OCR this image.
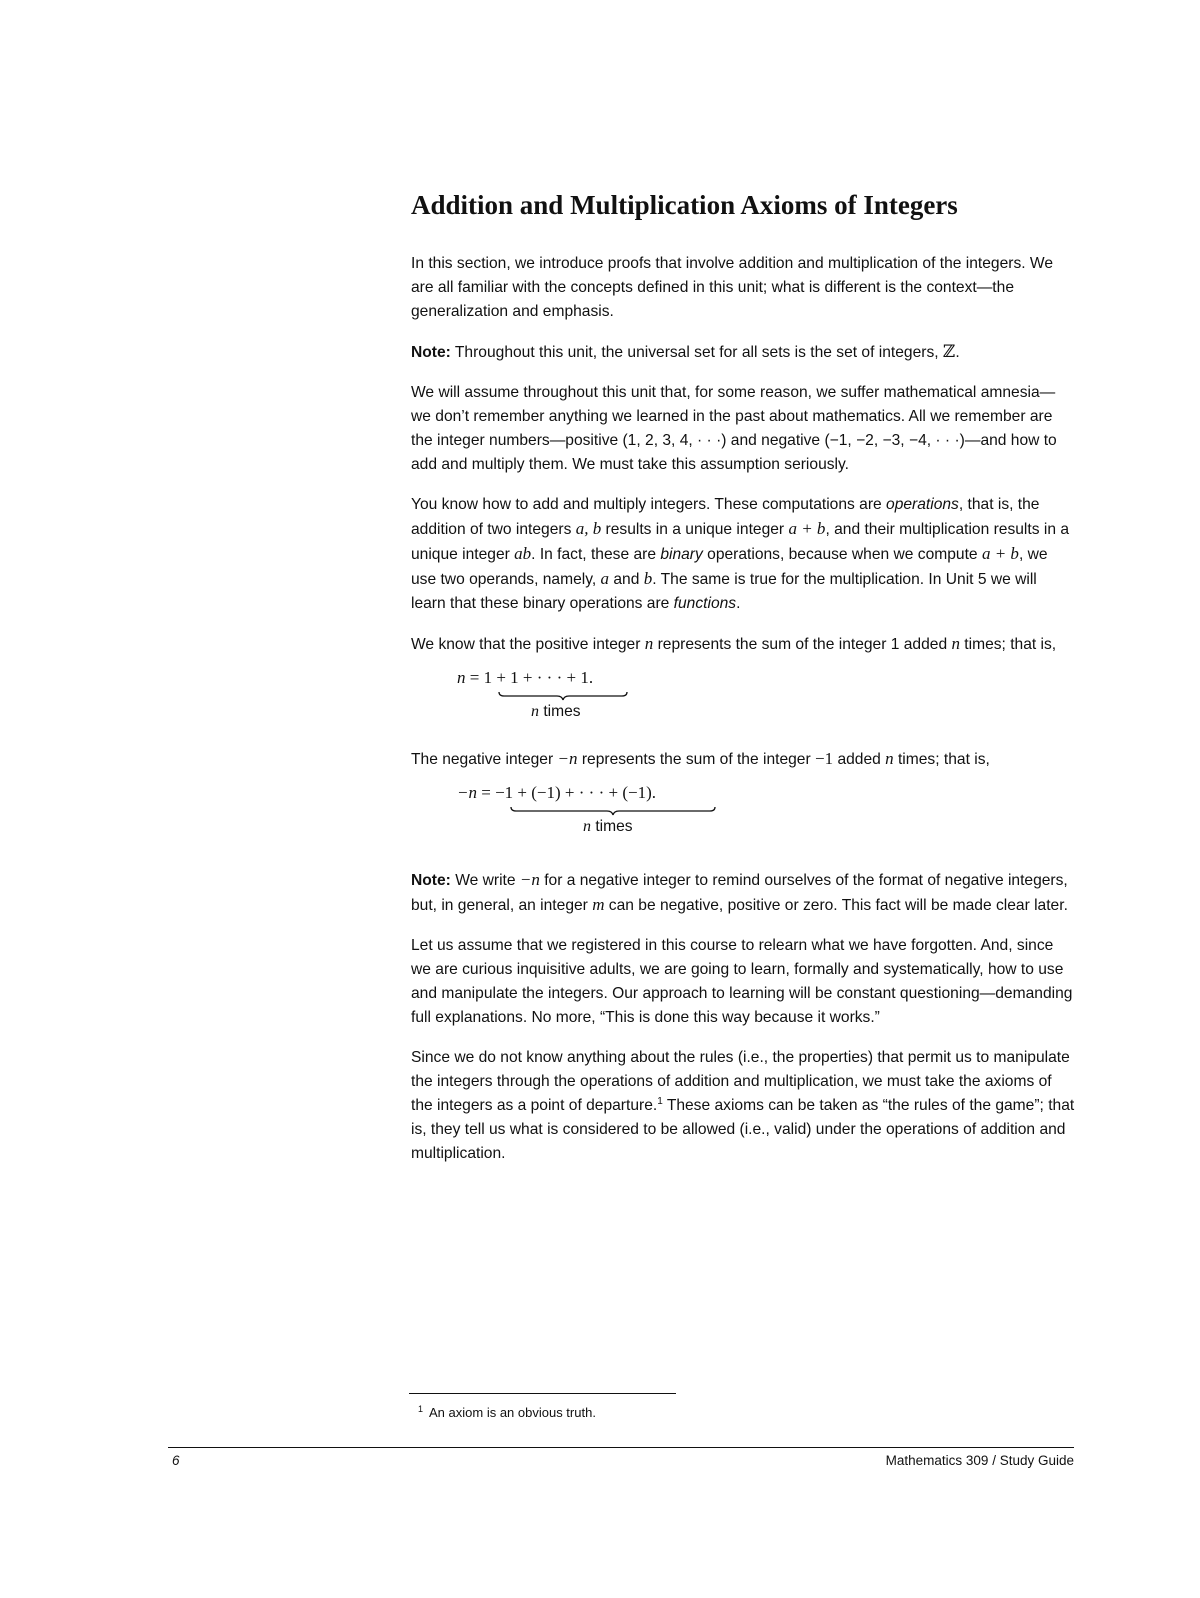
Addition and Multiplication Axioms of Integers

In this section, we introduce proofs that involve addition and multiplication of the integers. We are all familiar with the concepts defined in this unit; what is different is the context—the generalization and emphasis.

Note: Throughout this unit, the universal set for all sets is the set of integers, ℤ.

We will assume throughout this unit that, for some reason, we suffer mathematical amnesia—we don’t remember anything we learned in the past about mathematics. All we remember are the integer numbers—positive (1, 2, 3, 4, · · ·) and negative (−1, −2, −3, −4, · · ·)—and how to add and multiply them. We must take this assumption seriously.

You know how to add and multiply integers. These computations are operations, that is, the addition of two integers a, b results in a unique integer a + b, and their multiplication results in a unique integer ab. In fact, these are binary operations, because when we compute a + b, we use two operands, namely, a and b. The same is true for the multiplication. In Unit 5 we will learn that these binary operations are functions.

We know that the positive integer n represents the sum of the integer 1 added n times; that is,

n = 1 + 1 + · · · + 1.
n times

The negative integer −n represents the sum of the integer −1 added n times; that is,

−n = −1 + (−1) + · · · + (−1).
n times

Note: We write −n for a negative integer to remind ourselves of the format of negative integers, but, in general, an integer m can be negative, positive or zero. This fact will be made clear later.

Let us assume that we registered in this course to relearn what we have forgotten. And, since we are curious inquisitive adults, we are going to learn, formally and systematically, how to use and manipulate the integers. Our approach to learning will be constant questioning—demanding full explanations. No more, “This is done this way because it works.”

Since we do not know anything about the rules (i.e., the properties) that permit us to manipulate the integers through the operations of addition and multiplication, we must take the axioms of the integers as a point of departure.$^1$ These axioms can be taken as “the rules of the game”; that is, they tell us what is considered to be allowed (i.e., valid) under the operations of addition and multiplication.

$^1$ An axiom is an obvious truth.
6	Mathematics 309 / Study Guide
